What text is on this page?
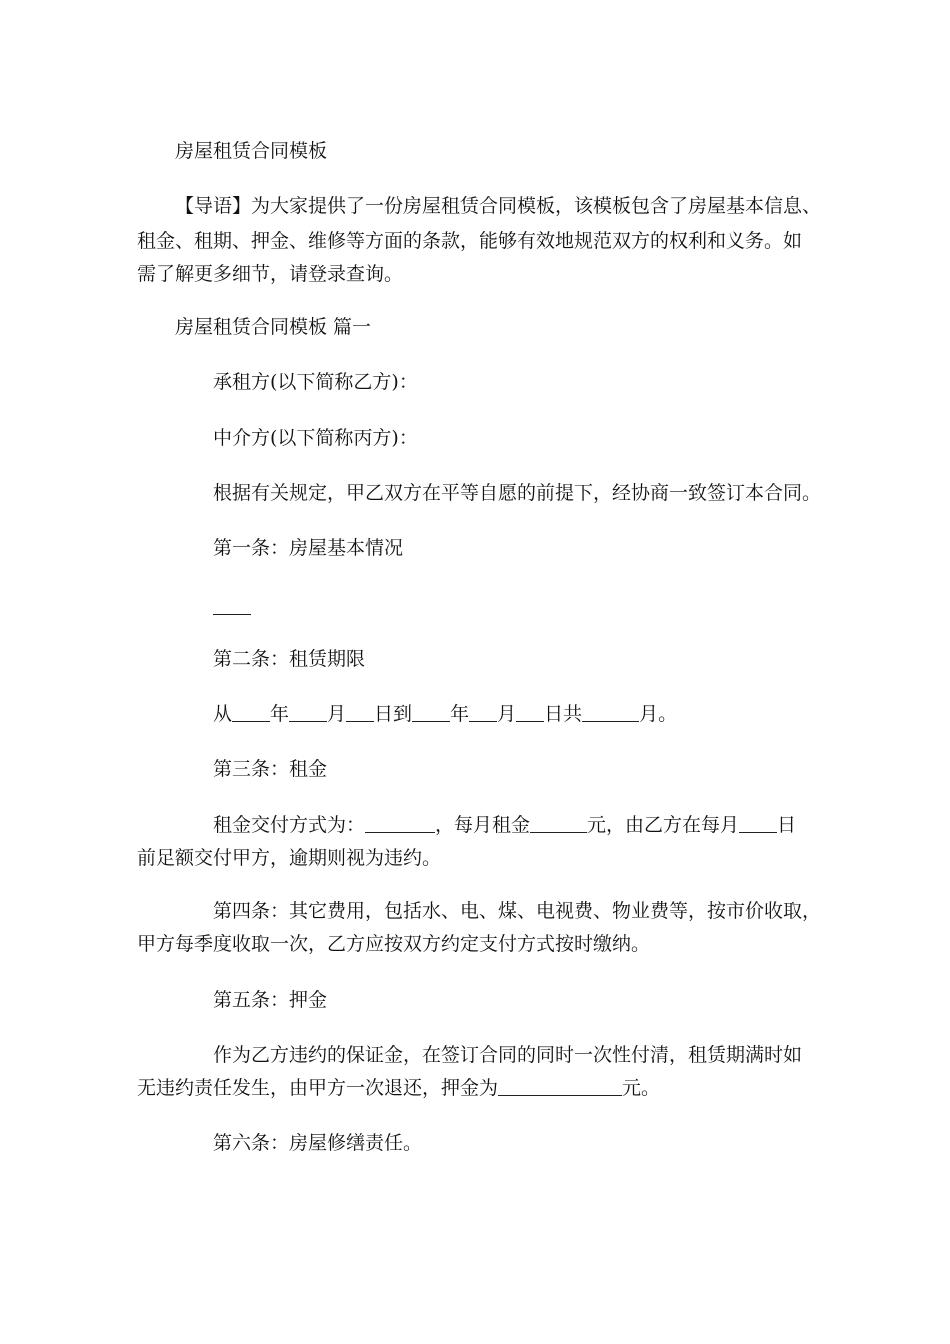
房屋租赁合同模板
【导语】为大家提供了一份房屋租赁合同模板，该模板包含了房屋基本信息、
租金、租期、押金、维修等方面的条款，能够有效地规范双方的权利和义务。如
需了解更多细节，请登录查询。
房屋租赁合同模板 篇一
承租方(以下简称乙方)：
中介方(以下简称丙方)：
根据有关规定，甲乙双方在平等自愿的前提下，经协商一致签订本合同。
第一条：房屋基本情况
第二条：租赁期限
从 年 月 日到 年 月 日共	月。
第三条：租金
租金交付方式为：	，每月租金	元，由乙方在每月 日
前足额交付甲方，逾期则视为违约。
第四条：其它费用，包括水、电、煤、电视费、物业费等，按市价收取，
甲方每季度收取一次，乙方应按双方约定支付方式按时缴纳。
第五条：押金
作为乙方违约的保证金，在签订合同的同时一次性付清，租赁期满时如
无违约责任发生，由甲方一次退还，押金为	元。
第六条：房屋修缮责任。
